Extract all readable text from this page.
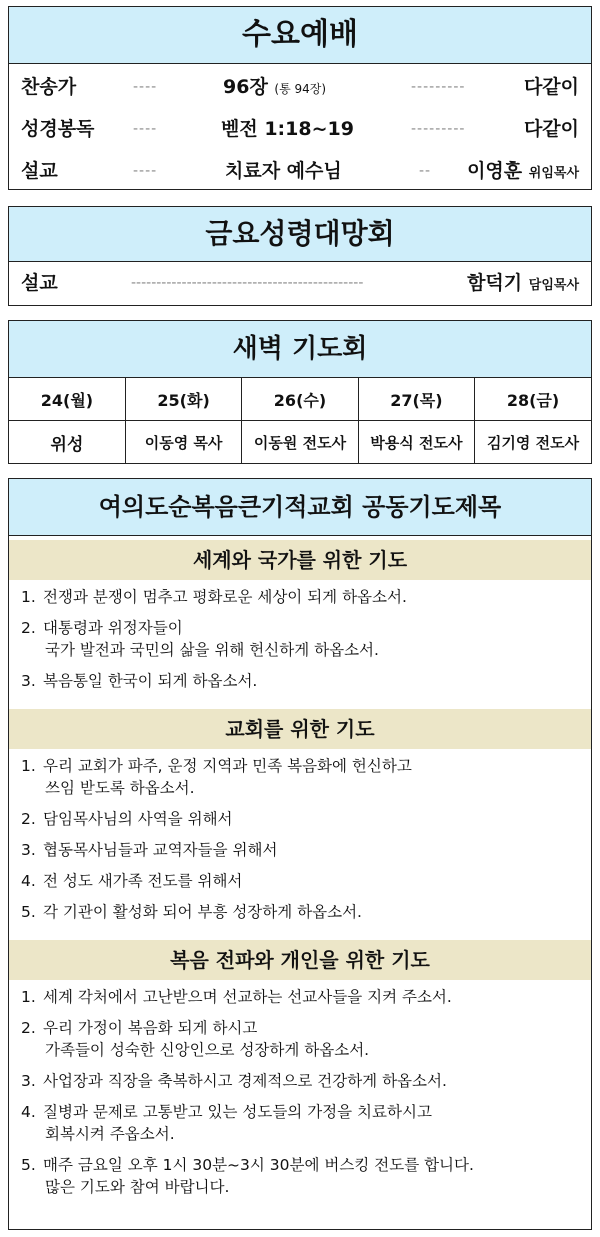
수요예배
찬송가	----	96장 (통 94장)	---------	다같이
성경봉독	----	벧전 1:18~19	---------	다같이
설교	----	치료자 예수님	-- 이영훈 위임목사
금요성령대망회
설교	----------------------------------------------	함덕기 담임목사
새벽 기도회
24(월)	25(화)	26(수)	27(목)	28(금)
위성	이동영 목사	이동원 전도사	박용식 전도사	김기영 전도사
여의도순복음큰기적교회 공동기도제목
세계와 국가를 위한 기도
1. 전쟁과 분쟁이 멈추고 평화로운 세상이 되게 하옵소서.
2. 대통령과 위정자들이
국가 발전과 국민의 삶을 위해 헌신하게 하옵소서.
3. 복음통일 한국이 되게 하옵소서.
교회를 위한 기도
1. 우리 교회가 파주, 운정 지역과 민족 복음화에 헌신하고
쓰임 받도록 하옵소서.
2. 담임목사님의 사역을 위해서
3. 협동목사님들과 교역자들을 위해서
4. 전 성도 새가족 전도를 위해서
5. 각 기관이 활성화 되어 부흥 성장하게 하옵소서.
복음 전파와 개인을 위한 기도
1. 세계 각처에서 고난받으며 선교하는 선교사들을 지켜 주소서.
2. 우리 가정이 복음화 되게 하시고
가족들이 성숙한 신앙인으로 성장하게 하옵소서.
3. 사업장과 직장을 축복하시고 경제적으로 건강하게 하옵소서.
4. 질병과 문제로 고통받고 있는 성도들의 가정을 치료하시고
회복시켜 주옵소서.
5. 매주 금요일 오후 1시 30분~3시 30분에 버스킹 전도를 합니다.
많은 기도와 참여 바랍니다.
